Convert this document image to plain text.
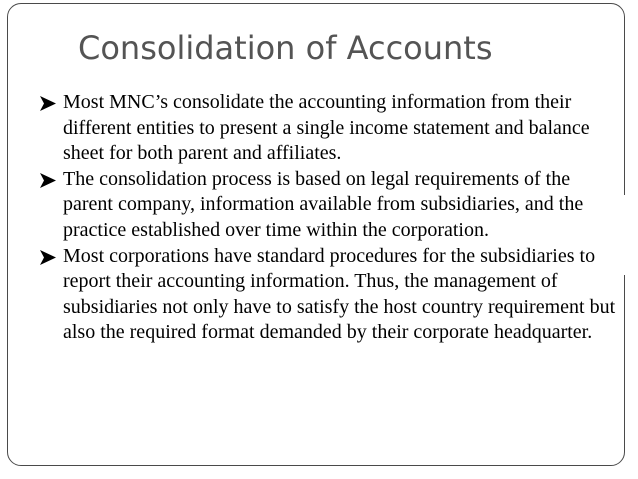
Consolidation of Accounts
Most MNC’s consolidate the accounting information from their different entities to present a single income statement and balance sheet for both parent and affiliates.
The consolidation process is based on legal requirements of the parent company, information available from subsidiaries, and the practice established over time within the corporation.
Most corporations have standard procedures for the subsidiaries to report their accounting information. Thus, the management of subsidiaries not only have to satisfy the host country requirement but also the required format demanded by their corporate headquarter.
